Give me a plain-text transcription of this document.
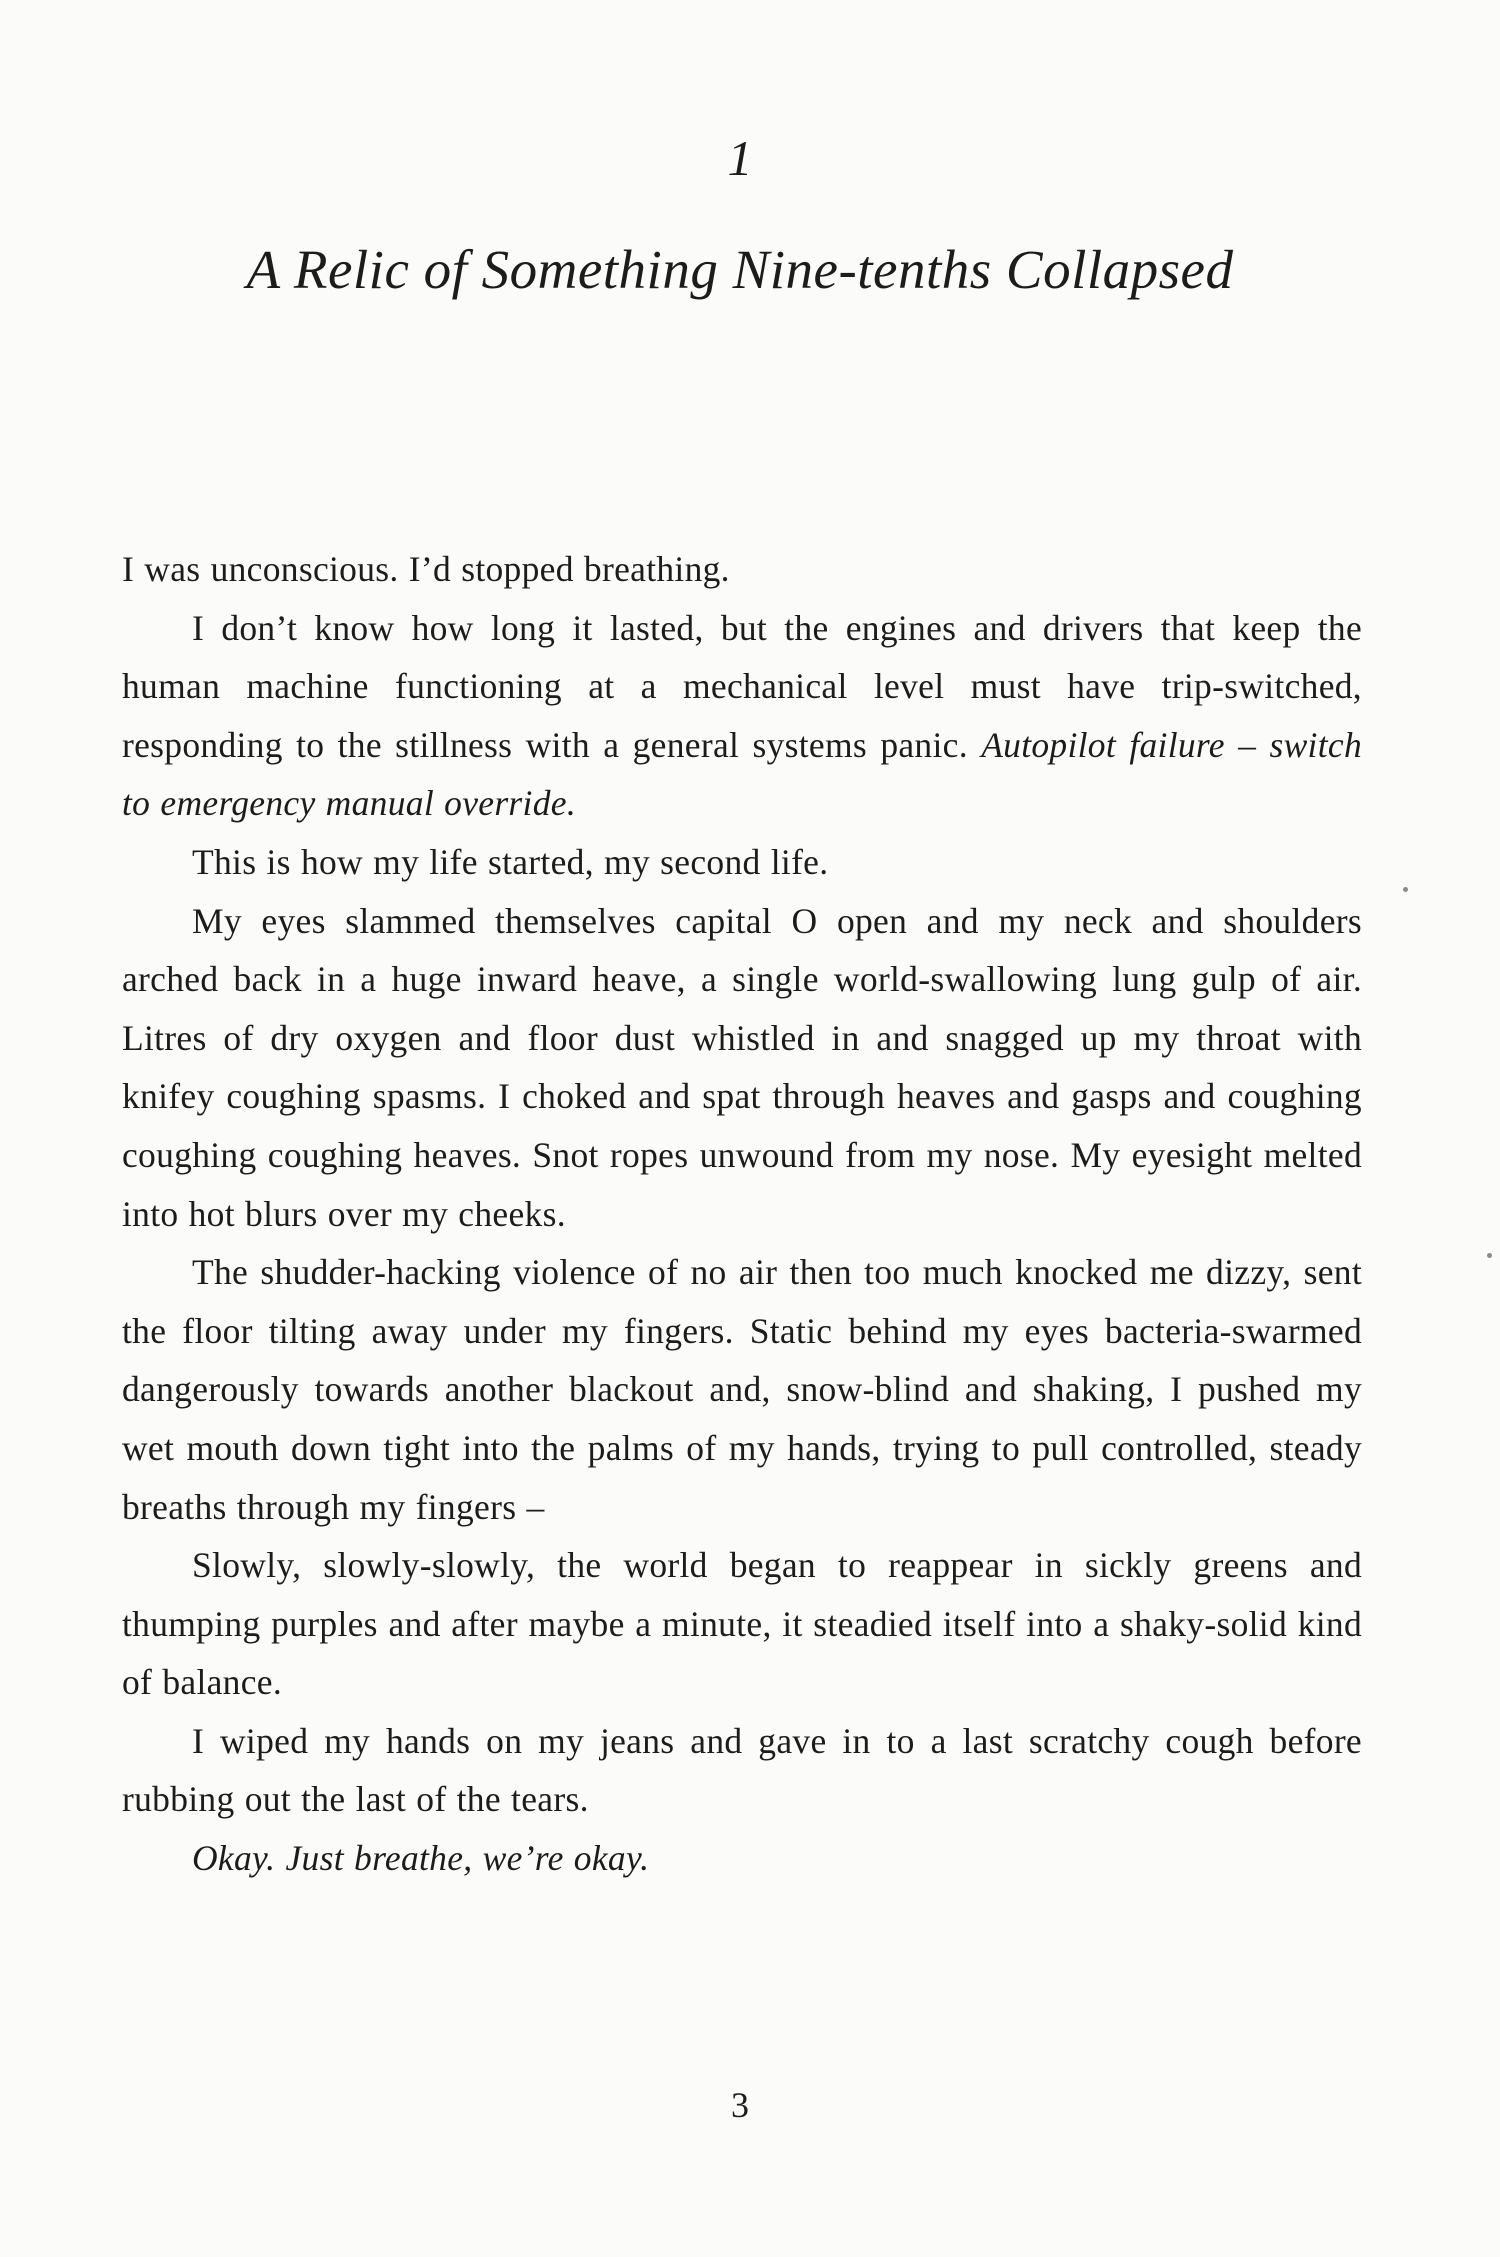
1
A Relic of Something Nine-tenths Collapsed

I was unconscious. I’d stopped breathing.

I don’t know how long it lasted, but the engines and drivers that keep the human machine functioning at a mechanical level must have trip-switched, responding to the stillness with a general systems panic. Autopilot failure – switch to emergency manual override.

This is how my life started, my second life.

My eyes slammed themselves capital O open and my neck and shoulders arched back in a huge inward heave, a single world-swallowing lung gulp of air. Litres of dry oxygen and floor dust whistled in and snagged up my throat with knifey coughing spasms. I choked and spat through heaves and gasps and coughing coughing coughing heaves. Snot ropes unwound from my nose. My eyesight melted into hot blurs over my cheeks.

The shudder-hacking violence of no air then too much knocked me dizzy, sent the floor tilting away under my fingers. Static behind my eyes bacteria-swarmed dangerously towards another blackout and, snow-blind and shaking, I pushed my wet mouth down tight into the palms of my hands, trying to pull controlled, steady breaths through my fingers –

Slowly, slowly-slowly, the world began to reappear in sickly greens and thumping purples and after maybe a minute, it steadied itself into a shaky-solid kind of balance.

I wiped my hands on my jeans and gave in to a last scratchy cough before rubbing out the last of the tears.

Okay. Just breathe, we’re okay.

3
